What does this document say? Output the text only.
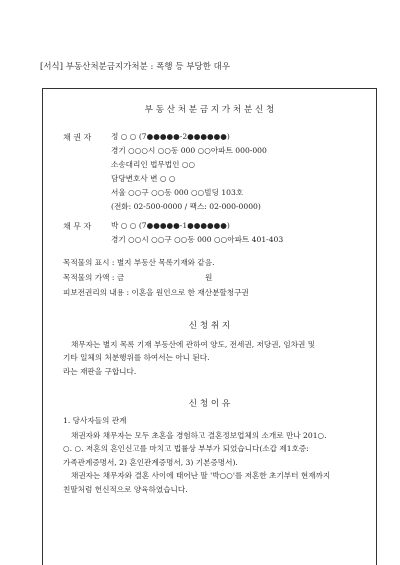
[서식] 부동산처분금지가처분 : 폭행 등 부당한 대우
부 동 산 처 분 금 지 가 처 분 신 청
채 권 자	정 ○ ○ (7●●●●●-2●●●●●●)
경기 ○○○시 ○○동 000 ○○아파트 000-000
소송대리인 법무법인 ○○
담당변호사 변 ○ ○
서울 ○○구 ○○동 000 ○○빌딩 103호
(전화: 02-500-0000 / 팩스: 02-000-0000)
채 무 자	박 ○ ○ (7●●●●●-1●●●●●●)
경기 ○○시 ○○구 ○○동 000 ○○아파트 401-403
목적물의 표시 : 별지 부동산 목록기재와 같음.
목적물의 가액 : 금	원
피보전권리의 내용 : 이혼을 원인으로 한 재산분할청구권
신 청 취 지

채무자는 별지 목록 기재 부동산에 관하여 양도, 전세권, 저당권, 임차권 및

기타 일체의 처분행위를 하여서는 아니 된다.

라는 재판을 구합니다.

신 청 이 유
1. 당사자들의 관계

채권자와 채무자는 모두 초혼을 경험하고 결혼정보업체의 소개로 만나 201○.

○. ○. 저혼의 혼인신고를 마치고 법률상 부부가 되었습니다(소갑 제1호증:

가족관계증명서, 2) 혼인관계증명서, 3) 기본증명서).

채권자는 채무자와 결혼 사이에 태어난 딸 '박○○'를 저혼한 초기부터 현재까지

친딸처럼 헌신적으로 양육하였습니다.
